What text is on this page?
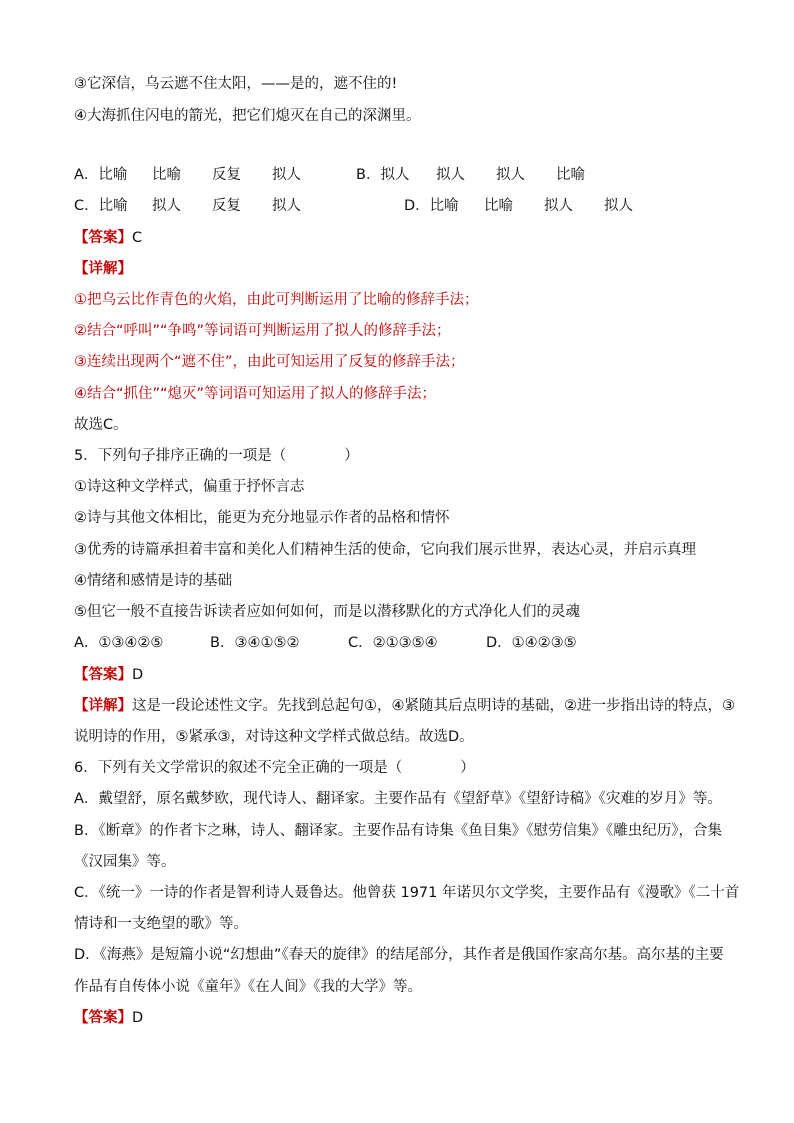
③它深信，乌云遮不住太阳，——是的，遮不住的!
④大海抓住闪电的箭光，把它们熄灭在自己的深渊里。
A．比喻 比喻 反复 拟人	B．拟人 拟人 拟人 比喻
C．比喻 拟人 反复 拟人	D．比喻 比喻 拟人 拟人
【答案】C
【详解】
①把乌云比作青色的火焰，由此可判断运用了比喻的修辞手法；
②结合“呼叫”“争鸣”等词语可判断运用了拟人的修辞手法；
③连续出现两个“遮不住”，由此可知运用了反复的修辞手法；
④结合“抓住”“熄灭”等词语可知运用了拟人的修辞手法；
故选C。
5．下列句子排序正确的一项是（　　　　）
①诗这种文学样式，偏重于抒怀言志
②诗与其他文体相比，能更为充分地显示作者的品格和情怀
③优秀的诗篇承担着丰富和美化人们精神生活的使命，它向我们展示世界，表达心灵，并启示真理
④情绪和感情是诗的基础
⑤但它一般不直接告诉读者应如何如何，而是以潜移默化的方式净化人们的灵魂
A．①③④②⑤	B．③④①⑤②	C．②①③⑤④	D．①④②③⑤
【答案】D
【详解】这是一段论述性文字。先找到总起句①，④紧随其后点明诗的基础，②进一步指出诗的特点，③
说明诗的作用，⑤紧承③，对诗这种文学样式做总结。故选D。
6．下列有关文学常识的叙述不完全正确的一项是（　　　　）
A．戴望舒，原名戴梦欧，现代诗人、翻译家。主要作品有《望舒草》《望舒诗稿》《灾难的岁月》等。
B．《断章》的作者卞之琳，诗人、翻译家。主要作品有诗集《鱼目集》《慰劳信集》《雕虫纪历》，合集
《汉园集》等。
C．《统一》一诗的作者是智利诗人聂鲁达。他曾获 1971 年诺贝尔文学奖，主要作品有《漫歌》《二十首
情诗和一支绝望的歌》等。
D．《海燕》是短篇小说“幻想曲”《春天的旋律》的结尾部分，其作者是俄国作家高尔基。高尔基的主要
作品有自传体小说《童年》《在人间》《我的大学》等。
【答案】D
